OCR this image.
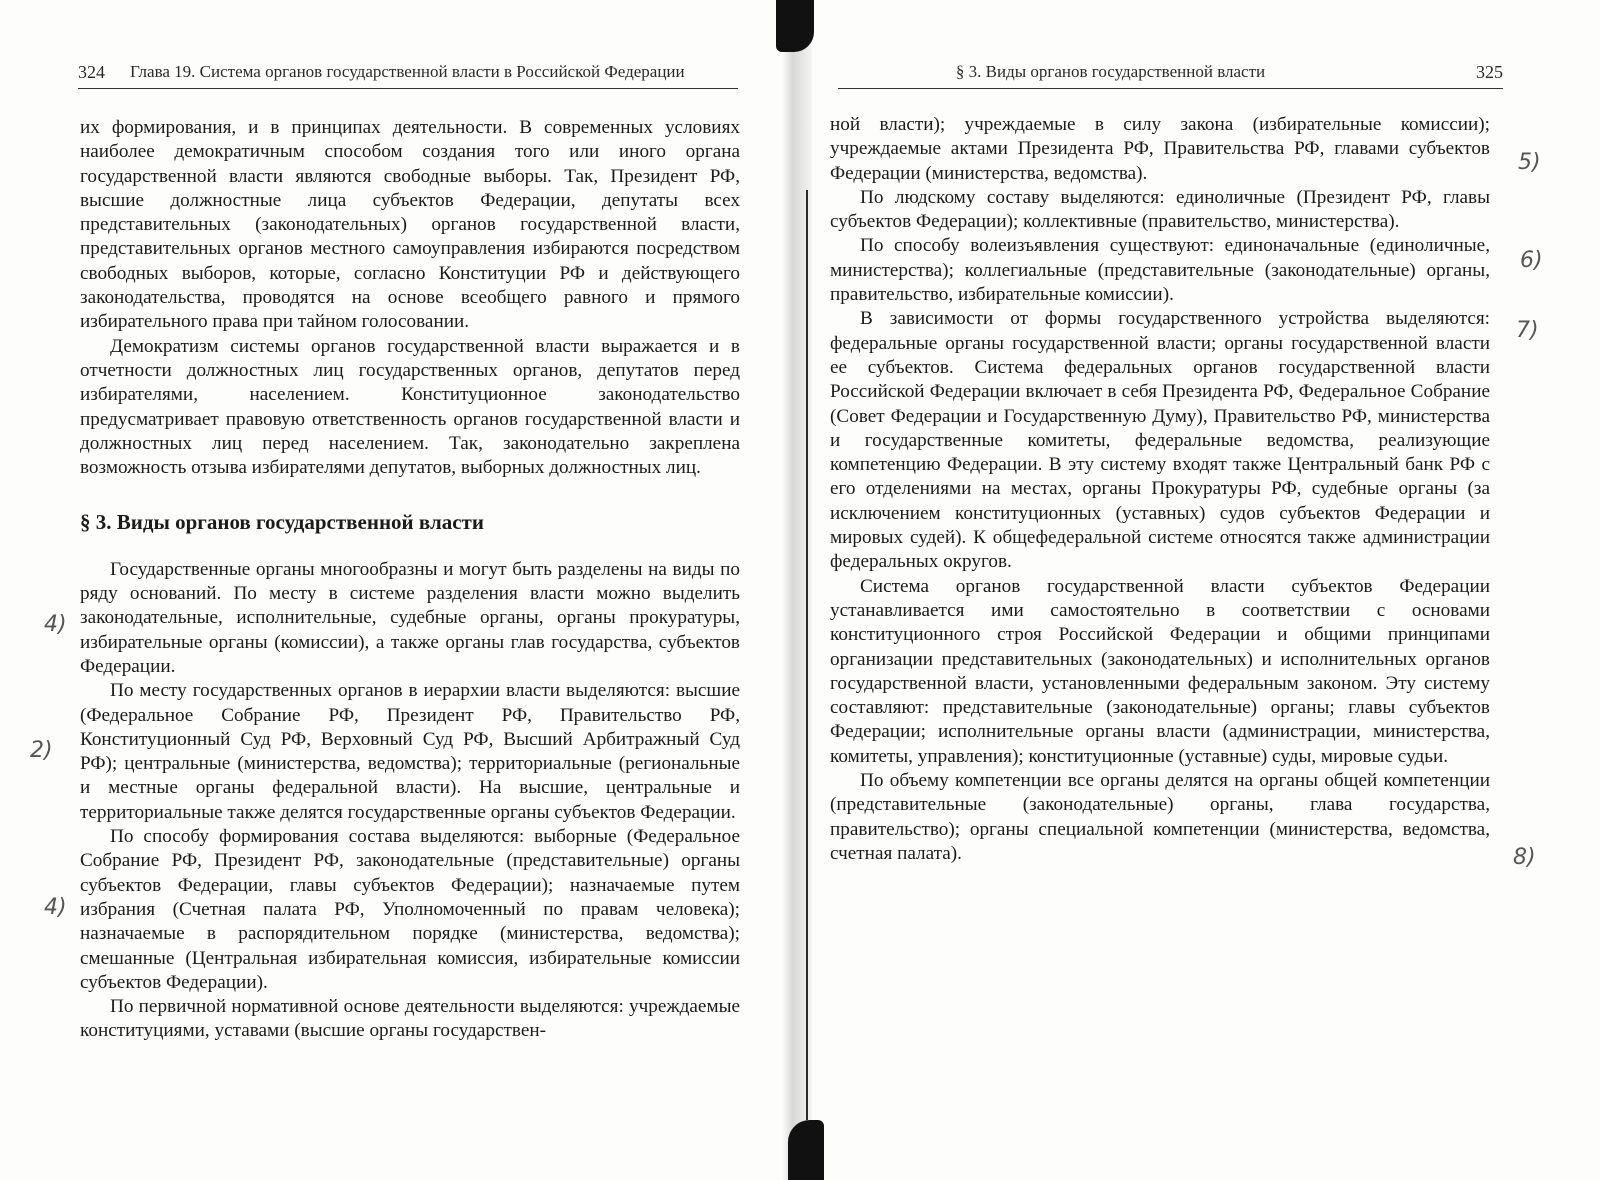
324 Глава 19. Система органов государственной власти в Российской Федерации

их формирования, и в принципах деятельности. В современных условиях наиболее демократичным способом создания того или иного органа государственной власти являются свободные выборы. Так, Президент РФ, высшие должностные лица субъектов Федерации, депутаты всех представительных (законодательных) органов государственной власти, представительных органов местного самоуправления избираются посредством свободных выборов, которые, согласно Конституции РФ и действующего законодательства, проводятся на основе всеобщего равного и прямого избирательного права при тайном голосовании.

Демократизм системы органов государственной власти выражается и в отчетности должностных лиц государственных органов, депутатов перед избирателями, населением. Конституционное законодательство предусматривает правовую ответственность органов государственной власти и должностных лиц перед населением. Так, законодательно закреплена возможность отзыва избирателями депутатов, выборных должностных лиц.

§ 3. Виды органов государственной власти

Государственные органы многообразны и могут быть разделены на виды по ряду оснований. По месту в системе разделения власти можно выделить законодательные, исполнительные, судебные органы, органы прокуратуры, избирательные органы (комиссии), а также органы глав государства, субъектов Федерации.

По месту государственных органов в иерархии власти выделяются: высшие (Федеральное Собрание РФ, Президент РФ, Правительство РФ, Конституционный Суд РФ, Верховный Суд РФ, Высший Арбитражный Суд РФ); центральные (министерства, ведомства); территориальные (региональные и местные органы федеральной власти). На высшие, центральные и территориальные также делятся государственные органы субъектов Федерации.

По способу формирования состава выделяются: выборные (Федеральное Собрание РФ, Президент РФ, законодательные (представительные) органы субъектов Федерации, главы субъектов Федерации); назначаемые путем избрания (Счетная палата РФ, Уполномоченный по правам человека); назначаемые в распорядительном порядке (министерства, ведомства); смешанные (Центральная избирательная комиссия, избирательные комиссии субъектов Федерации).

По первичной нормативной основе деятельности выделяются: учреждаемые конституциями, уставами (высшие органы государствен-

4)
2)
4)
§ 3. Виды органов государственной власти	325

ной власти); учреждаемые в силу закона (избирательные комиссии); учреждаемые актами Президента РФ, Правительства РФ, главами субъектов Федерации (министерства, ведомства).

По людскому составу выделяются: единоличные (Президент РФ, главы субъектов Федерации); коллективные (правительство, министерства).

По способу волеизъявления существуют: единоначальные (единоличные, министерства); коллегиальные (представительные (законодательные) органы, правительство, избирательные комиссии).

В зависимости от формы государственного устройства выделяются: федеральные органы государственной власти; органы государственной власти ее субъектов. Система федеральных органов государственной власти Российской Федерации включает в себя Президента РФ, Федеральное Собрание (Совет Федерации и Государственную Думу), Правительство РФ, министерства и государственные комитеты, федеральные ведомства, реализующие компетенцию Федерации. В эту систему входят также Центральный банк РФ с его отделениями на местах, органы Прокуратуры РФ, судебные органы (за исключением конституционных (уставных) судов субъектов Федерации и мировых судей). К общефедеральной системе относятся также администрации федеральных округов.

Система органов государственной власти субъектов Федерации устанавливается ими самостоятельно в соответствии с основами конституционного строя Российской Федерации и общими принципами организации представительных (законодательных) и исполнительных органов государственной власти, установленными федеральным законом. Эту систему составляют: представительные (законодательные) органы; главы субъектов Федерации; исполнительные органы власти (администрации, министерства, комитеты, управления); конституционные (уставные) суды, мировые судьи.

По объему компетенции все органы делятся на органы общей компетенции (представительные (законодательные) органы, глава государства, правительство); органы специальной компетенции (министерства, ведомства, счетная палата).

5)
6)
7)
8)
